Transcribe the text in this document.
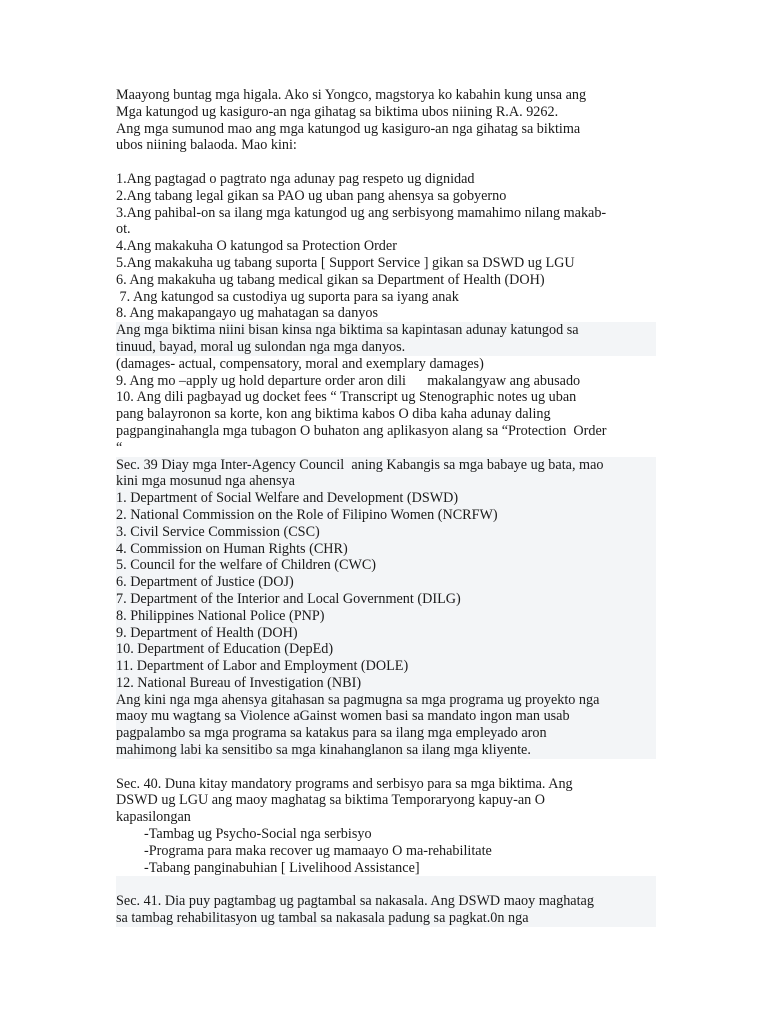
Maayong buntag mga higala. Ako si Yongco, magstorya ko kabahin kung unsa ang
Mga katungod ug kasiguro-an nga gihatag sa biktima ubos niining R.A. 9262.
Ang mga sumunod mao ang mga katungod ug kasiguro-an nga gihatag sa biktima
ubos niining balaoda. Mao kini:
1.Ang pagtagad o pagtrato nga adunay pag respeto ug dignidad
2.Ang tabang legal gikan sa PAO ug uban pang ahensya sa gobyerno
3.Ang pahibal-on sa ilang mga katungod ug ang serbisyong mamahimo nilang makab-
ot.
4.Ang makakuha O katungod sa Protection Order
5.Ang makakuha ug tabang suporta [ Support Service ] gikan sa DSWD ug LGU
6. Ang makakuha ug tabang medical gikan sa Department of Health (DOH)
7. Ang katungod sa custodiya ug suporta para sa iyang anak
8. Ang makapangayo ug mahatagan sa danyos
Ang mga biktima niini bisan kinsa nga biktima sa kapintasan adunay katungod sa
tinuud, bayad, moral ug sulondan nga mga danyos.
(damages- actual, compensatory, moral and exemplary damages)
9. Ang mo –apply ug hold departure order aron dili      makalangyaw ang abusado
10. Ang dili pagbayad ug docket fees “ Transcript ug Stenographic notes ug uban
pang balayronon sa korte, kon ang biktima kabos O diba kaha adunay daling
pagpanginahangla mga tubagon O buhaton ang aplikasyon alang sa “Protection  Order
“
Sec. 39 Diay mga Inter-Agency Council  aning Kabangis sa mga babaye ug bata, mao
kini mga mosunud nga ahensya
1. Department of Social Welfare and Development (DSWD)
2. National Commission on the Role of Filipino Women (NCRFW)
3. Civil Service Commission (CSC)
4. Commission on Human Rights (CHR)
5. Council for the welfare of Children (CWC)
6. Department of Justice (DOJ)
7. Department of the Interior and Local Government (DILG)
8. Philippines National Police (PNP)
9. Department of Health (DOH)
10. Department of Education (DepEd)
11. Department of Labor and Employment (DOLE)
12. National Bureau of Investigation (NBI)
Ang kini nga mga ahensya gitahasan sa pagmugna sa mga programa ug proyekto nga
maoy mu wagtang sa Violence aGainst women basi sa mandato ingon man usab
pagpalambo sa mga programa sa katakus para sa ilang mga empleyado aron
mahimong labi ka sensitibo sa mga kinahanglanon sa ilang mga kliyente.
Sec. 40. Duna kitay mandatory programs and serbisyo para sa mga biktima. Ang
DSWD ug LGU ang maoy maghatag sa biktima Temporaryong kapuy-an O
kapasilongan
-Tambag ug Psycho-Social nga serbisyo
-Programa para maka recover ug mamaayo O ma-rehabilitate
-Tabang panginabuhian [ Livelihood Assistance]
Sec. 41. Dia puy pagtambag ug pagtambal sa nakasala. Ang DSWD maoy maghatag
sa tambag rehabilitasyon ug tambal sa nakasala padung sa pagkat.0n nga
